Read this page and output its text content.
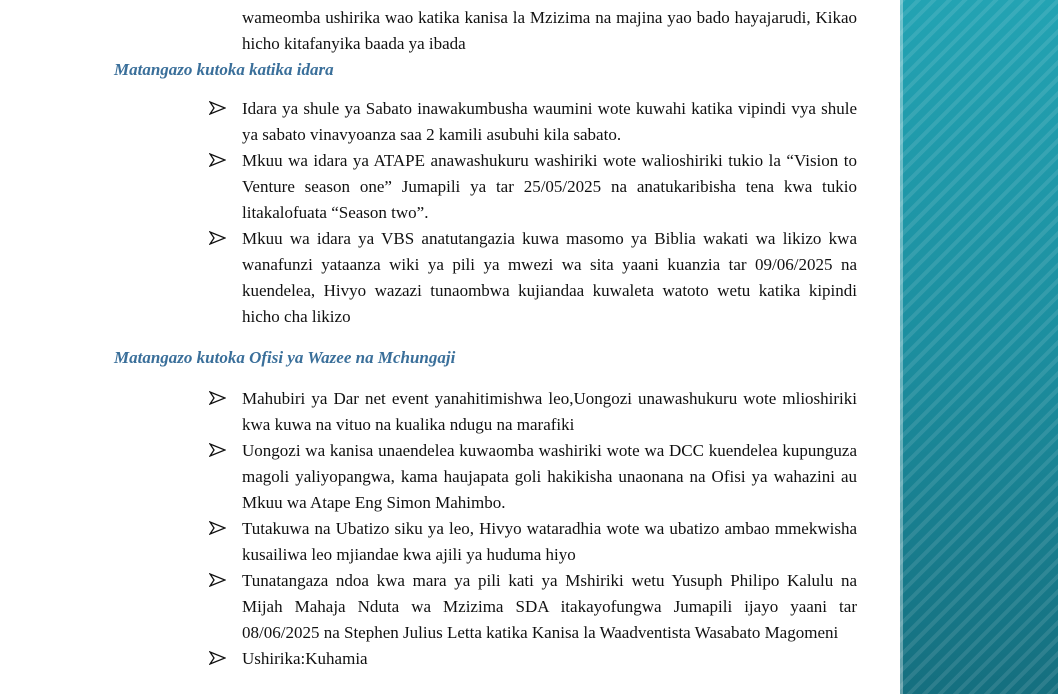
wameomba ushirika wao katika kanisa la Mzizima na majina yao bado hayajarudi, Kikao hicho kitafanyika baada ya ibada
Matangazo kutoka katika idara
Idara ya shule ya Sabato inawakumbusha waumini wote kuwahi katika vipindi vya shule ya sabato vinavyoanza saa 2 kamili asubuhi kila sabato.
Mkuu wa idara ya ATAPE anawashukuru washiriki wote walioshiriki tukio la “Vision to Venture season one” Jumapili ya tar 25/05/2025 na anatukaribisha tena kwa tukio litakalofuata “Season two”.
Mkuu wa idara ya VBS anatutangazia kuwa masomo ya Biblia wakati wa likizo kwa wanafunzi yataanza wiki ya pili ya mwezi wa sita yaani kuanzia tar 09/06/2025 na kuendelea, Hivyo wazazi tunaombwa kujiandaa kuwaleta watoto wetu katika kipindi hicho cha likizo
Matangazo kutoka Ofisi ya Wazee na Mchungaji
Mahubiri ya Dar net event yanahitimishwa leo,Uongozi unawashukuru wote mlioshiriki kwa kuwa na vituo na kualika ndugu na marafiki
Uongozi wa kanisa unaendelea kuwaomba washiriki wote wa DCC kuendelea kupunguza magoli yaliyopangwa, kama haujapata goli hakikisha unaonana na Ofisi ya wahazini au Mkuu wa Atape Eng Simon Mahimbo.
Tutakuwa na Ubatizo siku ya leo, Hivyo wataradhia wote wa ubatizo ambao mmekwisha kusailiwa leo mjiandae kwa ajili ya huduma hiyo
Tunatangaza ndoa kwa mara ya pili kati ya Mshiriki wetu Yusuph Philipo Kalulu na Mijah Mahaja Nduta wa Mzizima SDA itakayofungwa Jumapili ijayo yaani tar 08/06/2025 na Stephen Julius Letta katika Kanisa la Waadventista Wasabato Magomeni
Ushirika:Kuhamia
